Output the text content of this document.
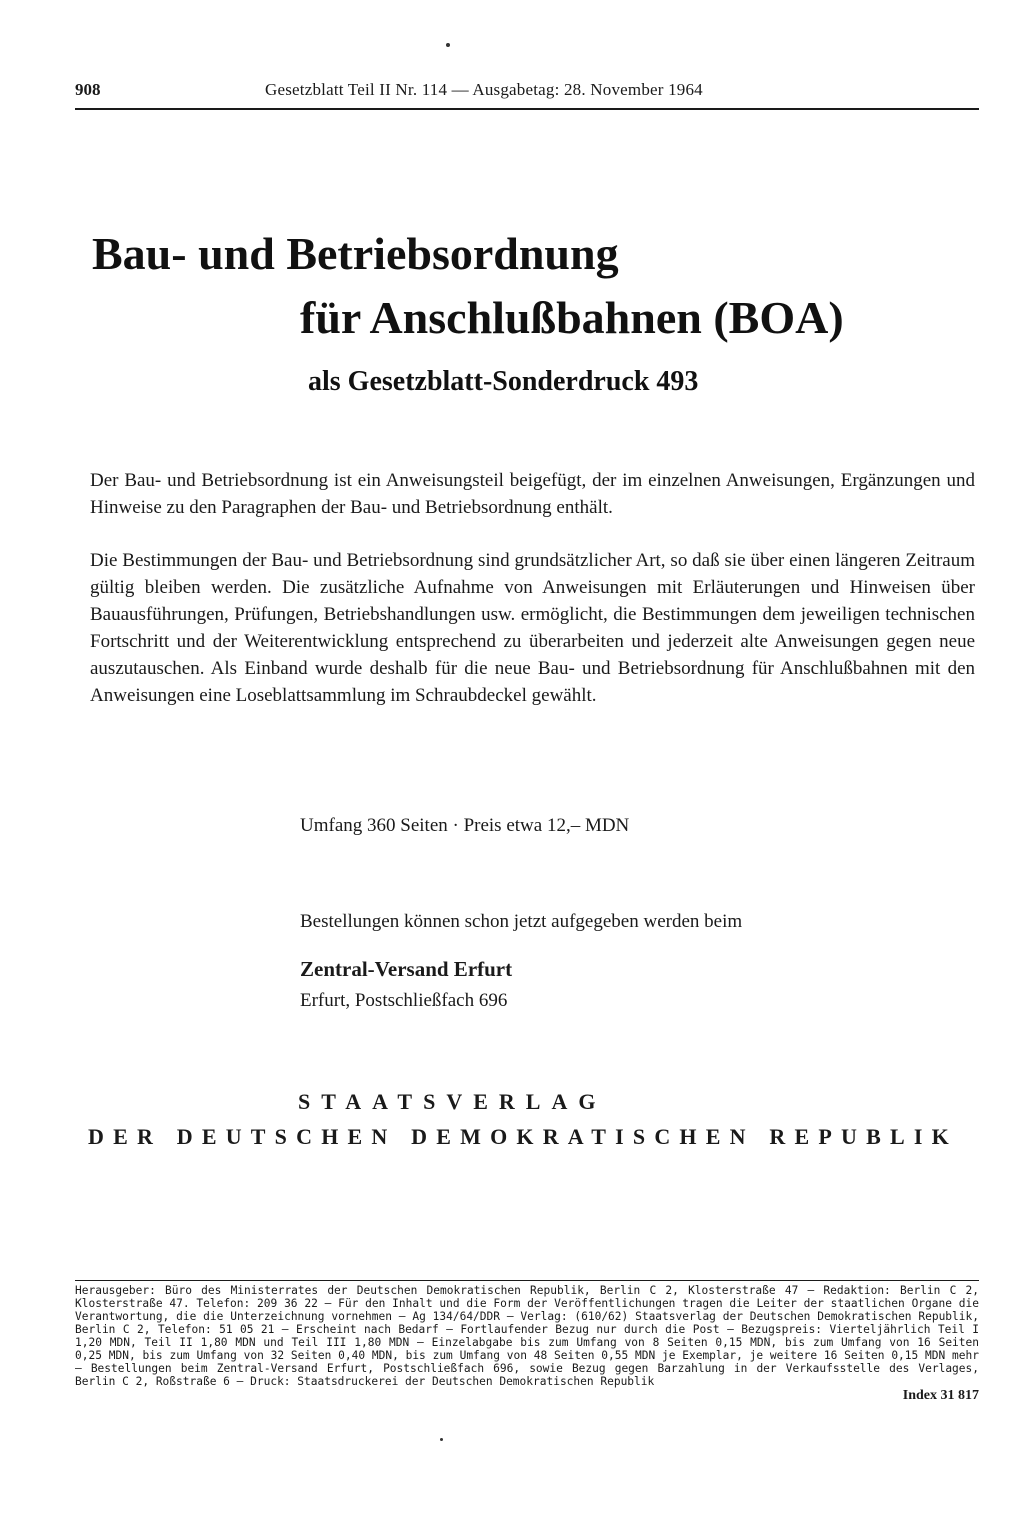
908	Gesetzblatt Teil II Nr. 114 — Ausgabetag: 28. November 1964
Bau- und Betriebsordnung
für Anschlußbahnen (BOA)
als Gesetzblatt-Sonderdruck 493

Der Bau- und Betriebsordnung ist ein Anweisungsteil beigefügt, der im einzelnen Anweisungen, Ergänzungen und Hinweise zu den Paragraphen der Bau- und Betriebsordnung enthält.

Die Bestimmungen der Bau- und Betriebsordnung sind grundsätzlicher Art, so daß sie über einen längeren Zeitraum gültig bleiben werden. Die zusätzliche Aufnahme von Anweisungen mit Erläuterungen und Hinweisen über Bauausführungen, Prüfungen, Betriebshandlungen usw. ermöglicht, die Bestimmungen dem jeweiligen technischen Fortschritt und der Weiterentwicklung entsprechend zu überarbeiten und jederzeit alte Anweisungen gegen neue auszutauschen. Als Einband wurde deshalb für die neue Bau- und Betriebsordnung für Anschlußbahnen mit den Anweisungen eine Loseblattsammlung im Schraubdeckel gewählt.

Umfang 360 Seiten · Preis etwa 12,– MDN
Bestellungen können schon jetzt aufgegeben werden beim
Zentral-Versand Erfurt
Erfurt, Postschließfach 696
STAATSVERLAG
DER DEUTSCHEN DEMOKRATISCHEN REPUBLIK
Herausgeber: Büro des Ministerrates der Deutschen Demokratischen Republik, Berlin C 2, Klosterstraße 47 — Redaktion: Berlin C 2, Klosterstraße 47. Telefon: 209 36 22 — Für den Inhalt und die Form der Veröffentlichungen tragen die Leiter der staatlichen Organe die Verantwortung, die die Unterzeichnung vornehmen — Ag 134/64/DDR — Verlag: (610/62) Staatsverlag der Deutschen Demokratischen Republik, Berlin C 2, Telefon: 51 05 21 — Erscheint nach Bedarf — Fortlaufender Bezug nur durch die Post — Bezugspreis: Vierteljährlich Teil I 1,20 MDN, Teil II 1,80 MDN und Teil III 1,80 MDN — Einzelabgabe bis zum Umfang von 8 Seiten 0,15 MDN, bis zum Umfang von 16 Seiten 0,25 MDN, bis zum Umfang von 32 Seiten 0,40 MDN, bis zum Umfang von 48 Seiten 0,55 MDN je Exemplar, je weitere 16 Seiten 0,15 MDN mehr — Bestellungen beim Zentral-Versand Erfurt, Postschließfach 696, sowie Bezug gegen Barzahlung in der Verkaufsstelle des Verlages, Berlin C 2, Roßstraße 6 — Druck: Staatsdruckerei der Deutschen Demokratischen Republik
Index 31 817
